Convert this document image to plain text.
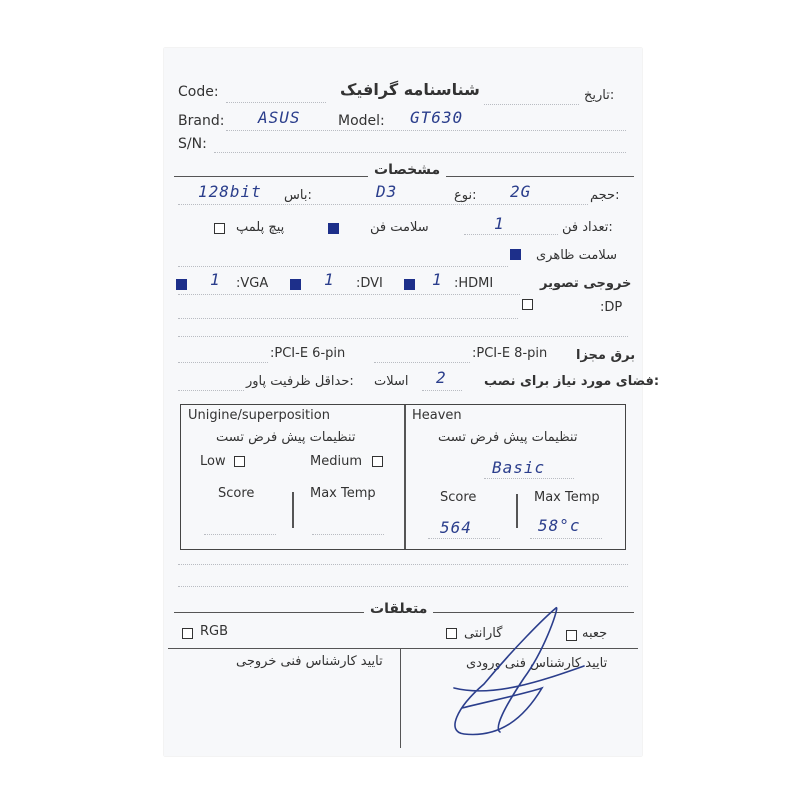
Code:	شناسنامه گرافیک	تاریخ:
Brand: ASUS	Model: GT630
S/N:
مشخصات
حجم:
2G
نوع:
D3
باس:
128bit
تعداد فن:
1
سلامت فن
پیچ پلمپ
سلامت ظاهری
خروجی تصویر
:HDMI
1
:DVI
1
:VGA
1
:DP
برق مجزا
:PCI-E 8-pin
:PCI-E 6-pin
فضای مورد نیاز برای نصب:
2
اسلات
حداقل ظرفیت پاور:
Unigine/superposition
تنظیمات پیش فرض تست
Low	Medium
Score	Max Temp
Heaven
تنظیمات پیش فرض تست
Basic
Score	Max Temp
564	58°c
متعلقات
جعبه
گارانتی
RGB
تایید کارشناس فنی ورودی
تایید کارشناس فنی خروجی
